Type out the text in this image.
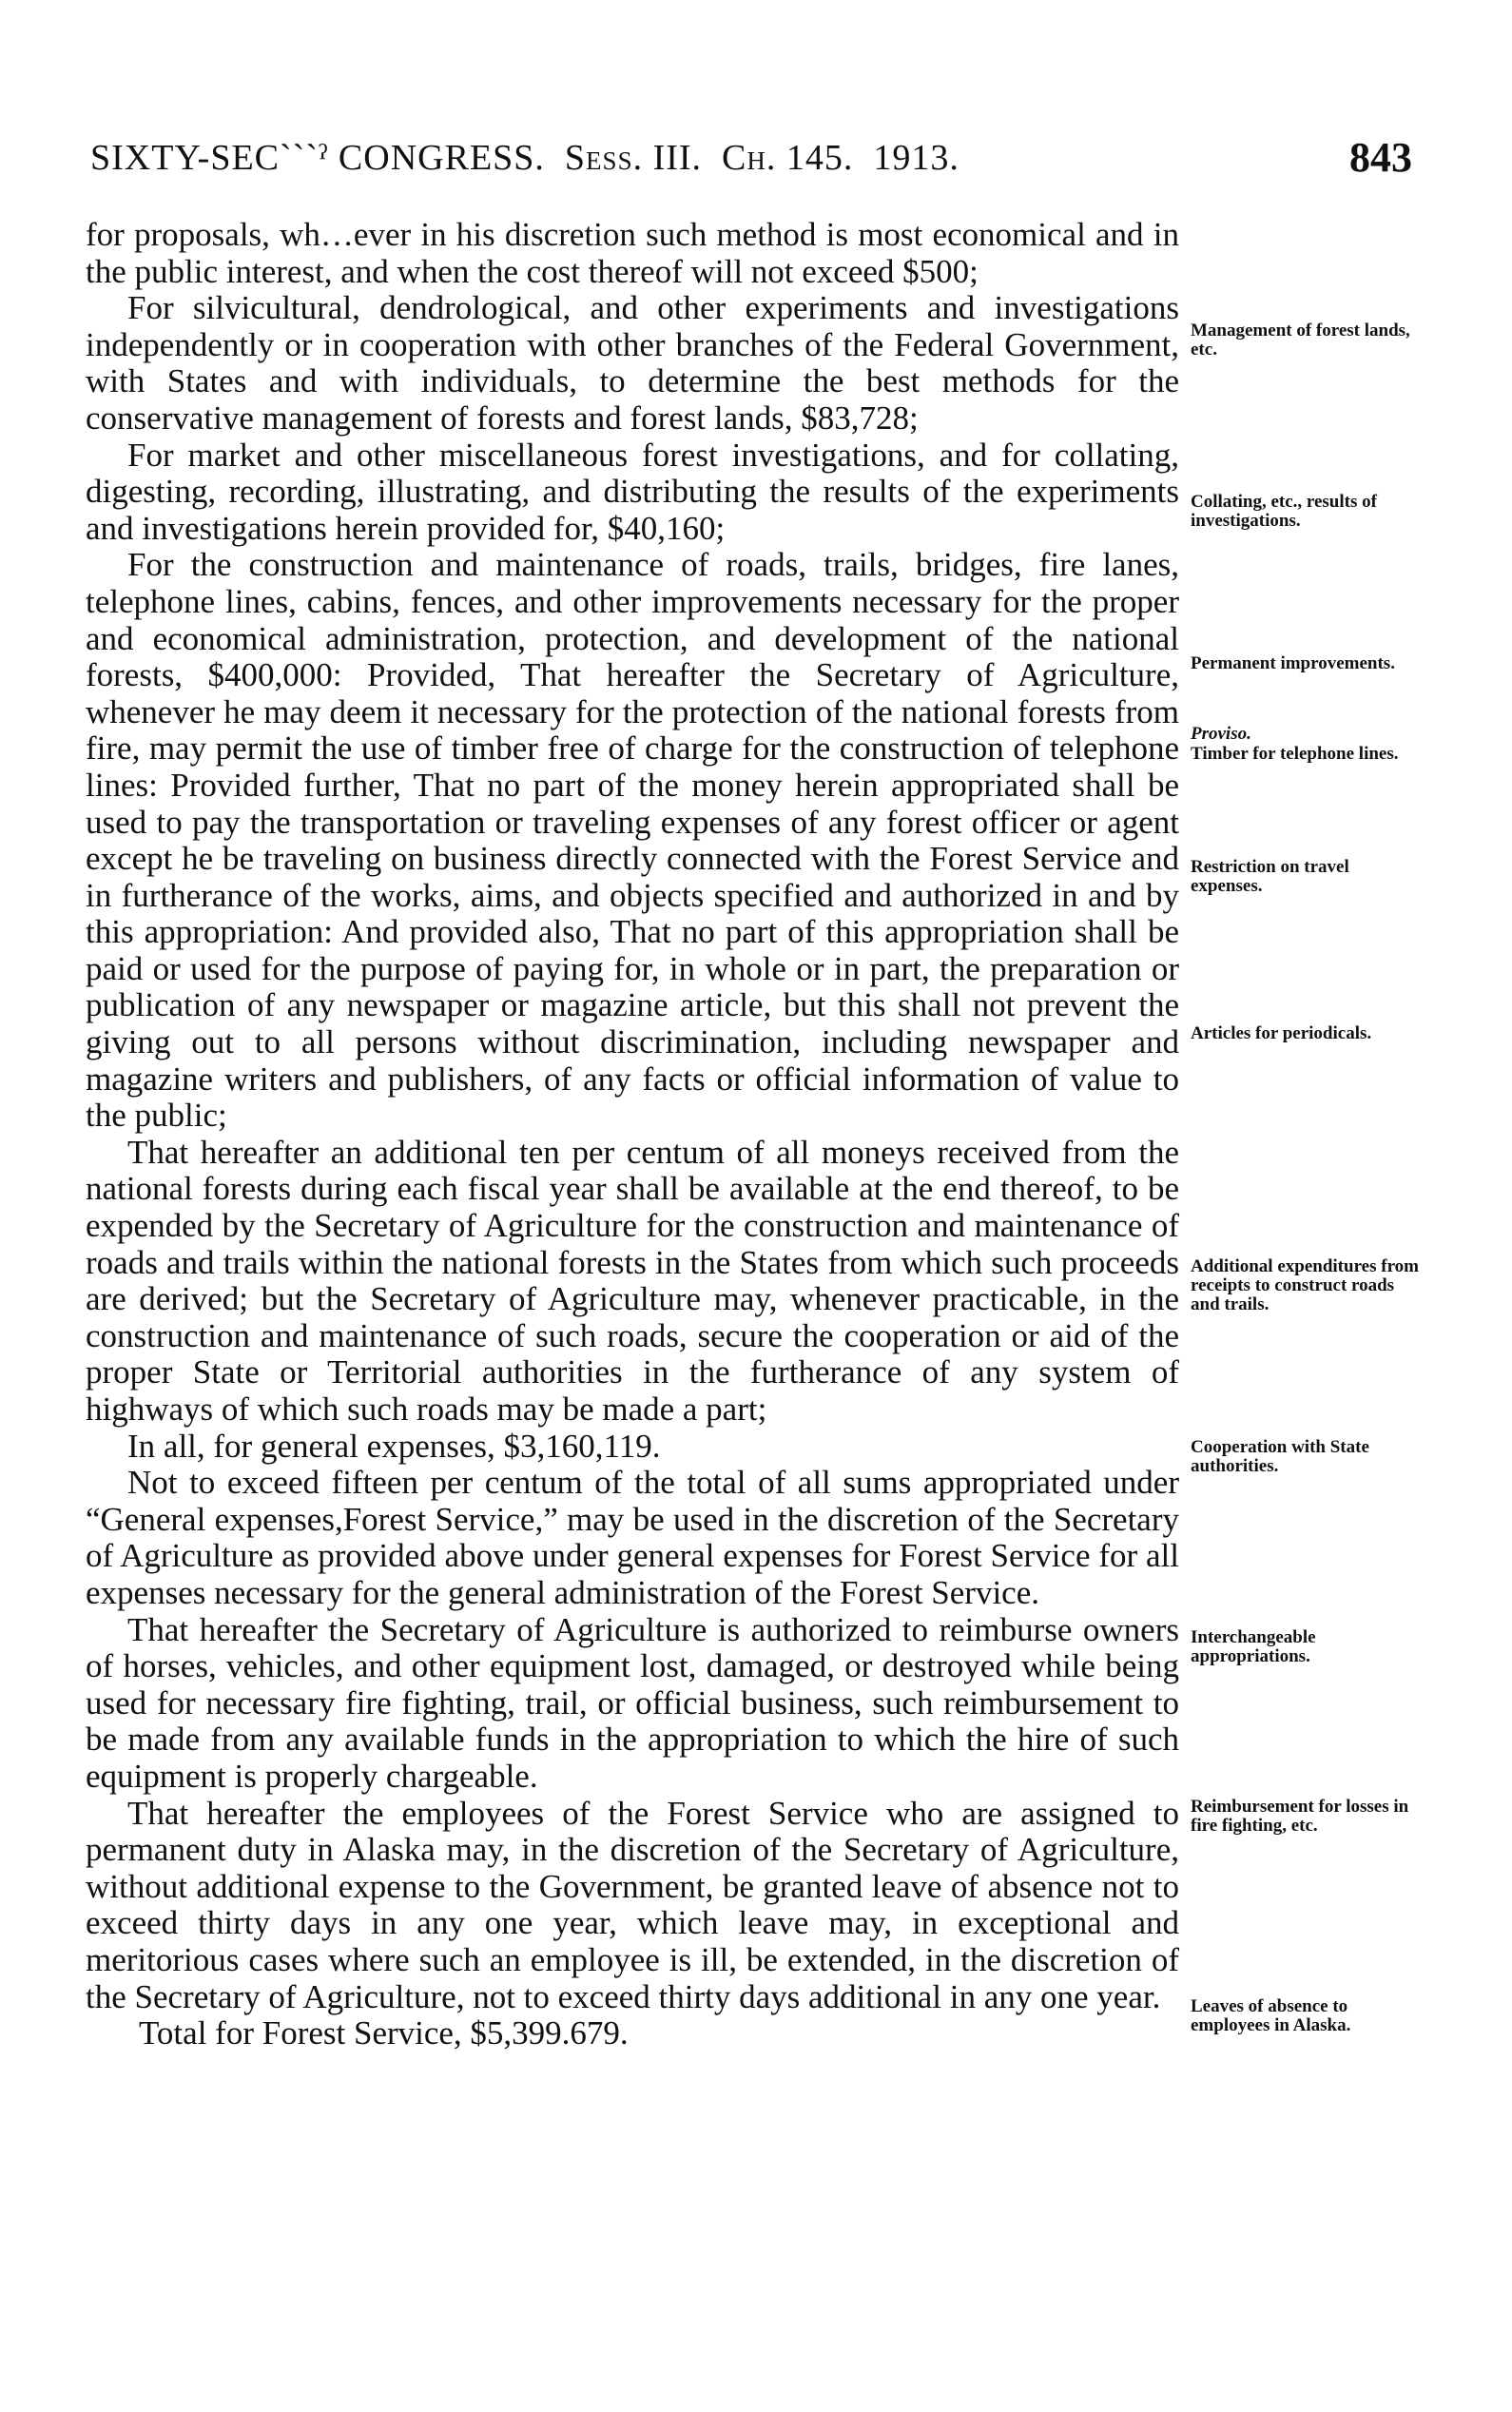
SIXTY-SECˋˋˋˀ CONGRESS. Sess. III. Ch. 145. 1913.	843

for proposals, wh…ever in his discretion such method is most economical and in the public interest, and when the cost thereof will not exceed $500;

For silvicultural, dendrological, and other experiments and investigations independently or in cooperation with other branches of the Federal Government, with States and with individuals, to determine the best methods for the conservative management of forests and forest lands, $83,728;

For market and other miscellaneous forest investigations, and for collating, digesting, recording, illustrating, and distributing the results of the experiments and investigations herein provided for, $40,160;

For the construction and maintenance of roads, trails, bridges, fire lanes, telephone lines, cabins, fences, and other improvements necessary for the proper and economical administration, protection, and development of the national forests, $400,000: Provided, That hereafter the Secretary of Agriculture, whenever he may deem it necessary for the protection of the national forests from fire, may permit the use of timber free of charge for the construction of telephone lines: Provided further, That no part of the money herein appropriated shall be used to pay the transportation or traveling expenses of any forest officer or agent except he be traveling on business directly connected with the Forest Service and in furtherance of the works, aims, and objects specified and authorized in and by this appropriation: And provided also, That no part of this appropriation shall be paid or used for the purpose of paying for, in whole or in part, the preparation or publication of any newspaper or magazine article, but this shall not prevent the giving out to all persons without discrimination, including newspaper and magazine writers and publishers, of any facts or official information of value to the public;

That hereafter an additional ten per centum of all moneys received from the national forests during each fiscal year shall be available at the end thereof, to be expended by the Secretary of Agriculture for the construction and maintenance of roads and trails within the national forests in the States from which such proceeds are derived; but the Secretary of Agriculture may, whenever practicable, in the construction and maintenance of such roads, secure the cooperation or aid of the proper State or Territorial authorities in the furtherance of any system of highways of which such roads may be made a part;

In all, for general expenses, $3,160,119.

Not to exceed fifteen per centum of the total of all sums appropriated under “General expenses,Forest Service,” may be used in the discretion of the Secretary of Agriculture as provided above under general expenses for Forest Service for all expenses necessary for the general administration of the Forest Service.

That hereafter the Secretary of Agriculture is authorized to reimburse owners of horses, vehicles, and other equipment lost, damaged, or destroyed while being used for necessary fire fighting, trail, or official business, such reimbursement to be made from any available funds in the appropriation to which the hire of such equipment is properly chargeable.

That hereafter the employees of the Forest Service who are assigned to permanent duty in Alaska may, in the discretion of the Secretary of Agriculture, without additional expense to the Government, be granted leave of absence not to exceed thirty days in any one year, which leave may, in exceptional and meritorious cases where such an employee is ill, be extended, in the discretion of the Secretary of Agriculture, not to exceed thirty days additional in any one year.

Total for Forest Service, $5,399.679.

Management of forest lands, etc.
Collating, etc., results of investigations.
Permanent improvements.
Proviso.
Timber for telephone lines.
Restriction on travel expenses.
Articles for periodicals.
Additional expenditures from receipts to construct roads and trails.
Cooperation with State authorities.
Interchangeable appropriations.
Reimbursement for losses in fire fighting, etc.
Leaves of absence to employees in Alaska.
